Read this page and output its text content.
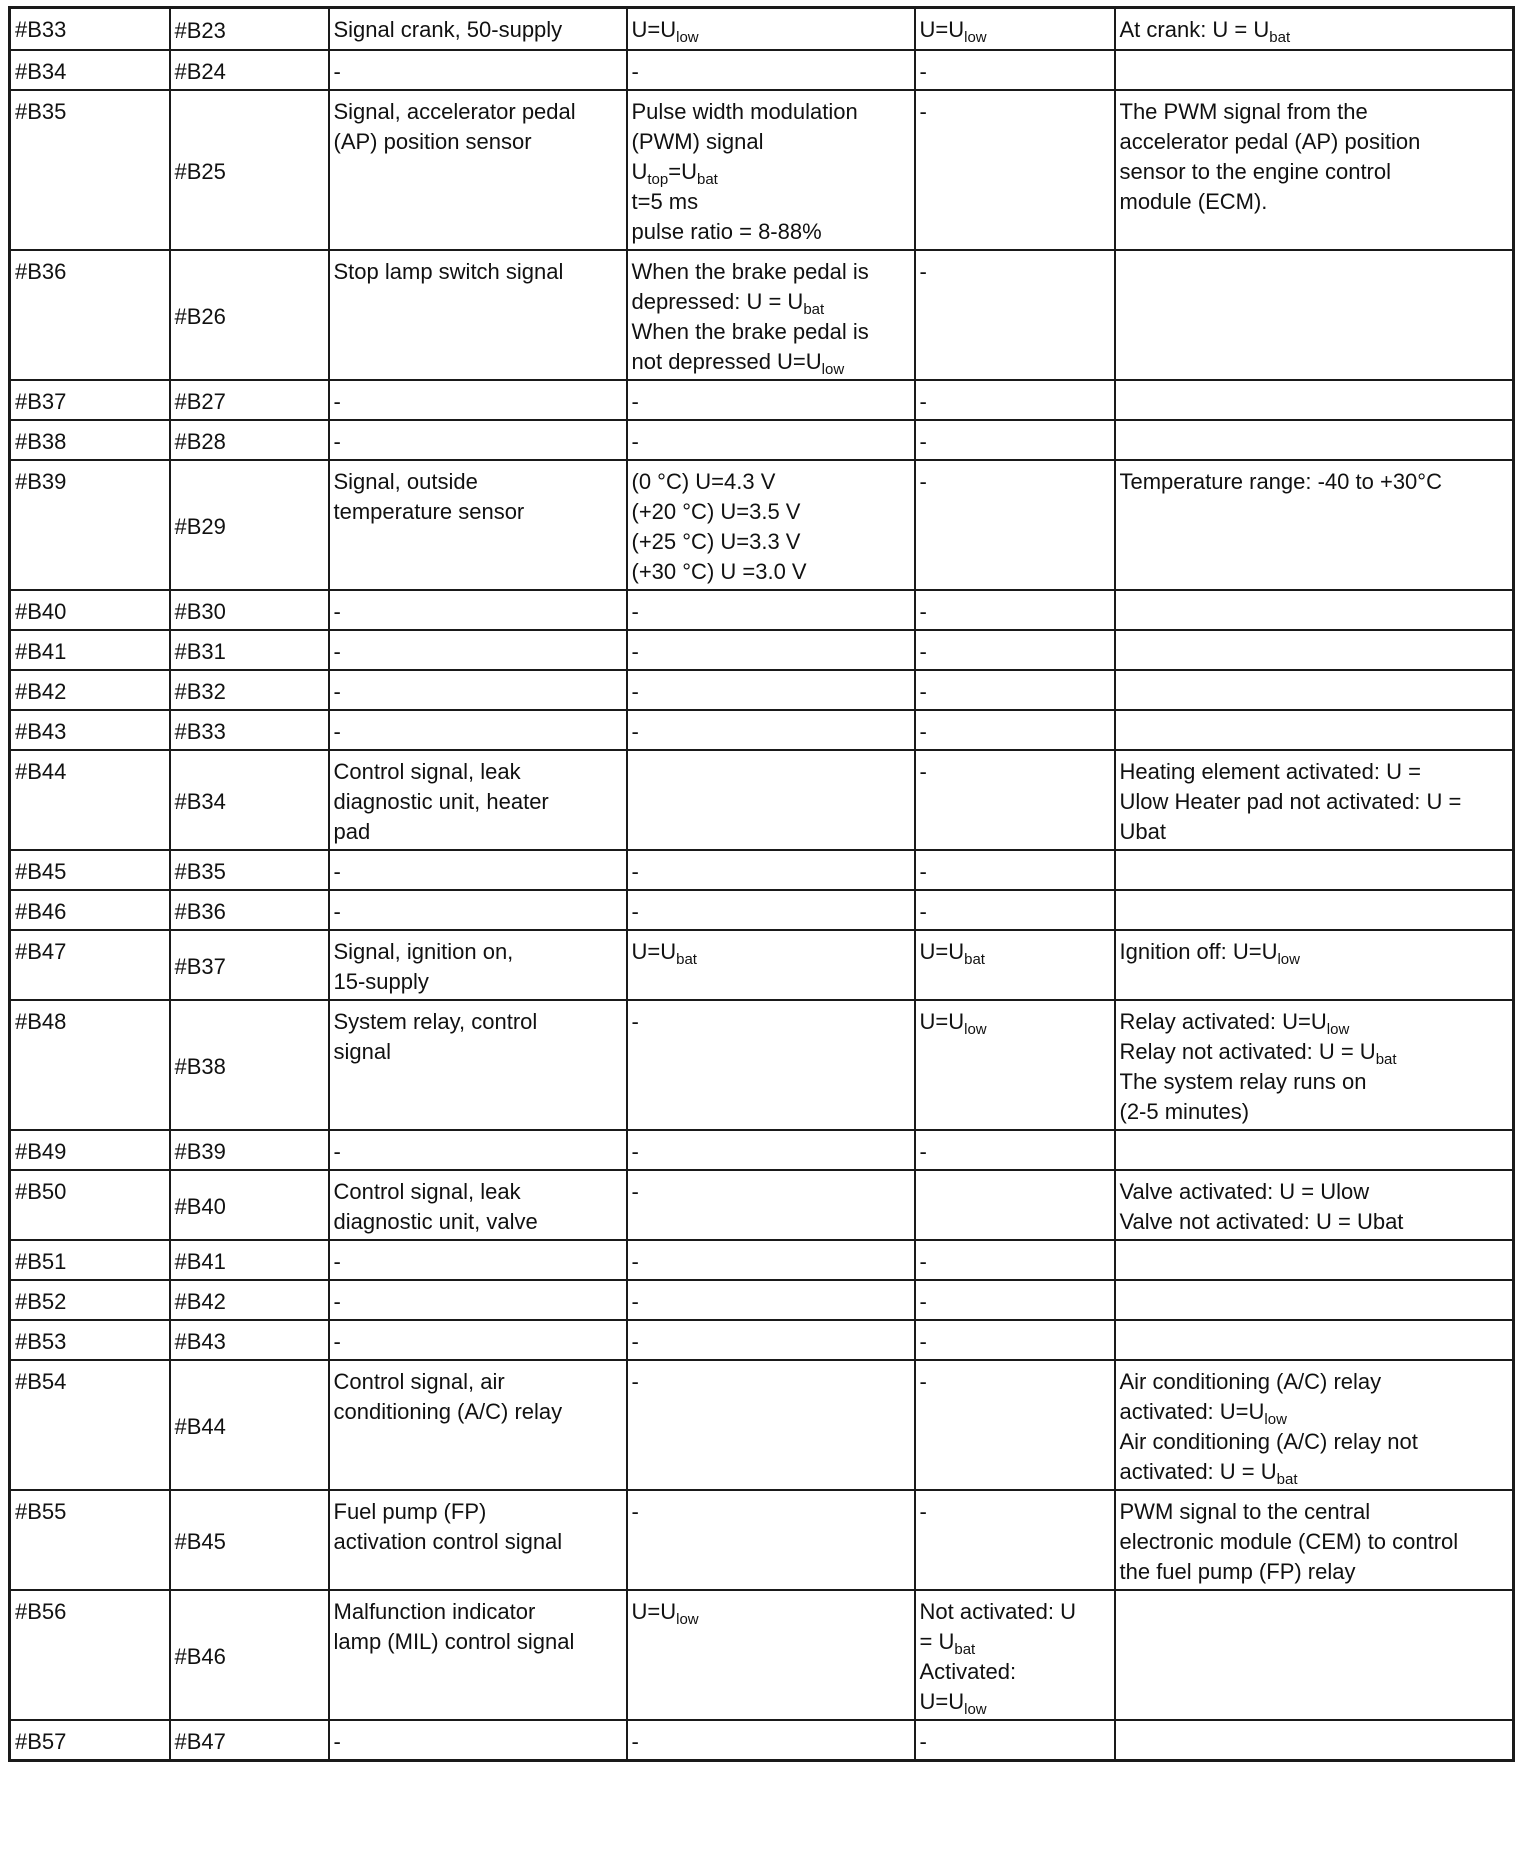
#B33	#B23	Signal crank, 50-supply	$U=U_{low}$	$U=U_{low}$	At crank: $U = U_{bat}$

#B34	#B24	-	-	-	

#B35	#B25	Signal, accelerator pedal
(AP) position sensor	Pulse width modulation
(PWM) signal
$U_{top}=U_{bat}$
t=5 ms
pulse ratio = 8-88%	-	The PWM signal from the
accelerator pedal (AP) position
sensor to the engine control
module (ECM).

#B36	#B26	Stop lamp switch signal	When the brake pedal is
depressed: $U = U_{bat}$
When the brake pedal is
not depressed $U=U_{low}$	-	

#B37	#B27	-	-	-	

#B38	#B28	-	-	-	

#B39	#B29	Signal, outside
temperature sensor	(0 °C) U=4.3 V
(+20 °C) U=3.5 V
(+25 °C) U=3.3 V
(+30 °C) U =3.0 V	-	Temperature range: -40 to +30°C

#B40	#B30	-	-	-	

#B41	#B31	-	-	-	

#B42	#B32	-	-	-	

#B43	#B33	-	-	-	

#B44	#B34	Control signal, leak
diagnostic unit, heater
pad		-	Heating element activated: U =
Ulow Heater pad not activated: U =
Ubat

#B45	#B35	-	-	-	

#B46	#B36	-	-	-	

#B47	#B37	Signal, ignition on,
15-supply	$U=U_{bat}$	$U=U_{bat}$	Ignition off: $U=U_{low}$

#B48	#B38	System relay, control
signal	-	$U=U_{low}$	Relay activated: $U=U_{low}$
Relay not activated: $U = U_{bat}$
The system relay runs on
(2-5 minutes)

#B49	#B39	-	-	-	

#B50	#B40	Control signal, leak
diagnostic unit, valve	-		Valve activated: U = Ulow
Valve not activated: U = Ubat

#B51	#B41	-	-	-	

#B52	#B42	-	-	-	

#B53	#B43	-	-	-	

#B54	#B44	Control signal, air
conditioning (A/C) relay	-	-	Air conditioning (A/C) relay
activated: $U=U_{low}$
Air conditioning (A/C) relay not
activated: $U = U_{bat}$

#B55	#B45	Fuel pump (FP)
activation control signal	-	-	PWM signal to the central
electronic module (CEM) to control
the fuel pump (FP) relay

#B56	#B46	Malfunction indicator
lamp (MIL) control signal	$U=U_{low}$	Not activated: U
= $U_{bat}$
Activated:
$U=U_{low}$

#B57	#B47	-	-	-	
